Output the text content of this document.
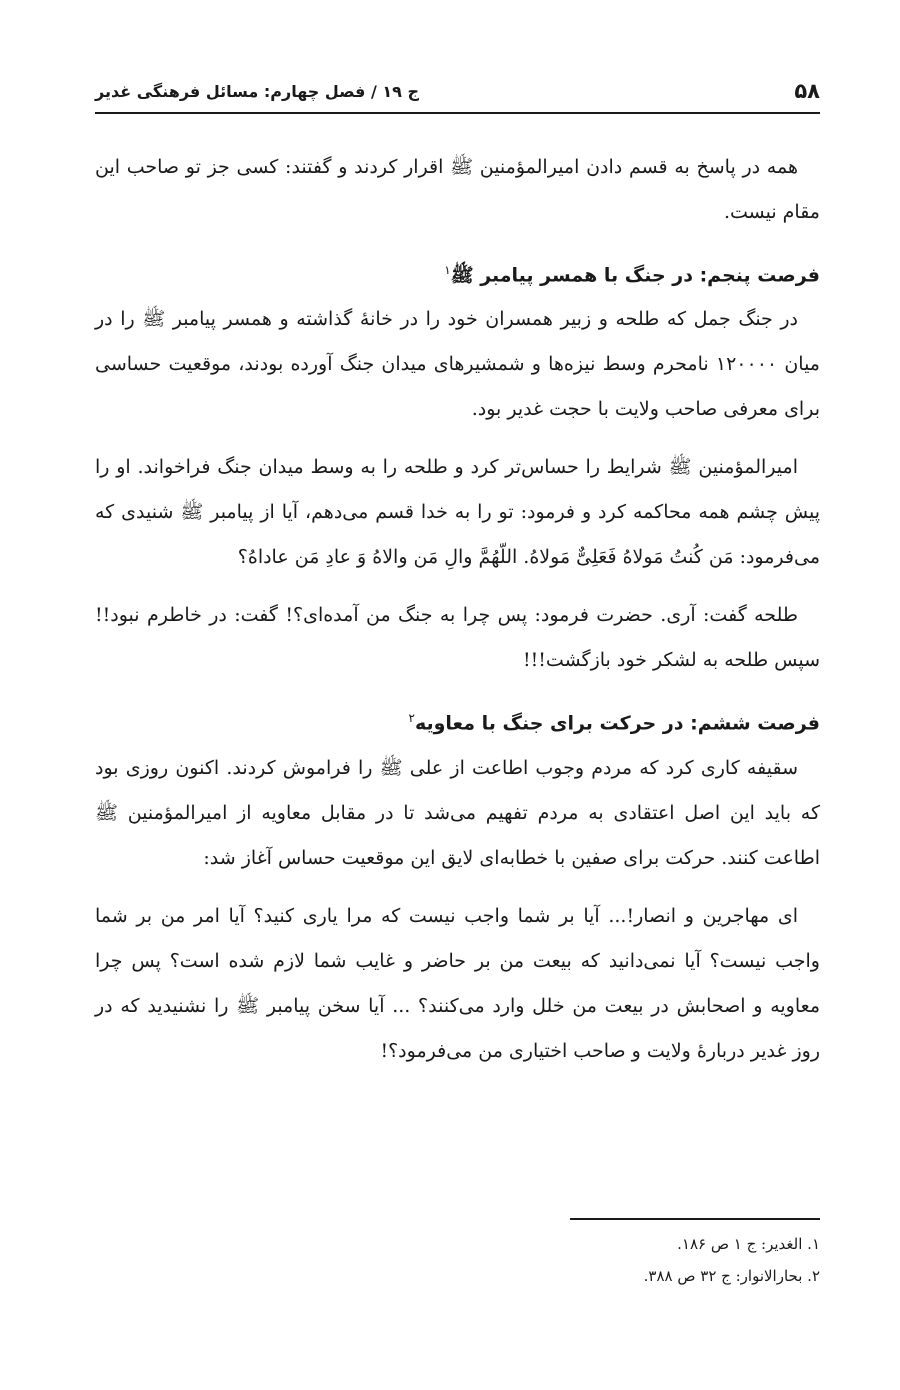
۵۸
ج ۱۹ / فصل چهارم: مسائل فرهنگی غدیر

همه در پاسخ به قسم دادن امیرالمؤمنین ﷺ اقرار کردند و گفتند: کسی جز تو صاحب این مقام نیست.

فرصت پنجم: در جنگ با همسر پیامبر ﷺ$^۱$

در جنگ جمل که طلحه و زبیر همسران خود را در خانهٔ گذاشته و همسر پیامبر ﷺ را در میان ۱۲۰۰۰۰ نامحرم وسط نیزه‌ها و شمشیرهای میدان جنگ آورده بودند، موقعیت حساسی برای معرفی صاحب ولایت با حجت غدیر بود.

امیرالمؤمنین ﷺ شرایط را حساس‌تر کرد و طلحه را به وسط میدان جنگ فراخواند. او را پیش چشم همه محاکمه کرد و فرمود: تو را به خدا قسم می‌دهم، آیا از پیامبر ﷺ شنیدی که می‌فرمود: مَن کُنتُ مَولاهُ فَعَلِیٌّ مَولاهُ. اللّهُمَّ والِ مَن والاهُ وَ عادِ مَن عاداهُ؟

طلحه گفت: آری. حضرت فرمود: پس چرا به جنگ من آمده‌ای؟! گفت: در خاطرم نبود!! سپس طلحه به لشکر خود بازگشت!!!

فرصت ششم: در حرکت برای جنگ با معاویه$^۲$

سقیفه کاری کرد که مردم وجوب اطاعت از علی ﷺ را فراموش کردند. اکنون روزی بود که باید این اصل اعتقادی به مردم تفهیم می‌شد تا در مقابل معاویه از امیرالمؤمنین ﷺ اطاعت کنند. حرکت برای صفین با خطابه‌ای لایق این موقعیت حساس آغاز شد:

ای مهاجرین و انصار!... آیا بر شما واجب نیست که مرا یاری کنید؟ آیا امر من بر شما واجب نیست؟ آیا نمی‌دانید که بیعت من بر حاضر و غایب شما لازم شده است؟ پس چرا معاویه و اصحابش در بیعت من خلل وارد می‌کنند؟ ... آیا سخن پیامبر ﷺ را نشنیدید که در روز غدیر دربارهٔ ولایت و صاحب اختیاری من می‌فرمود؟!

۱. الغدیر: ج ۱ ص ۱۸۶.

۲. بحارالانوار: ج ۳۲ ص ۳۸۸.
